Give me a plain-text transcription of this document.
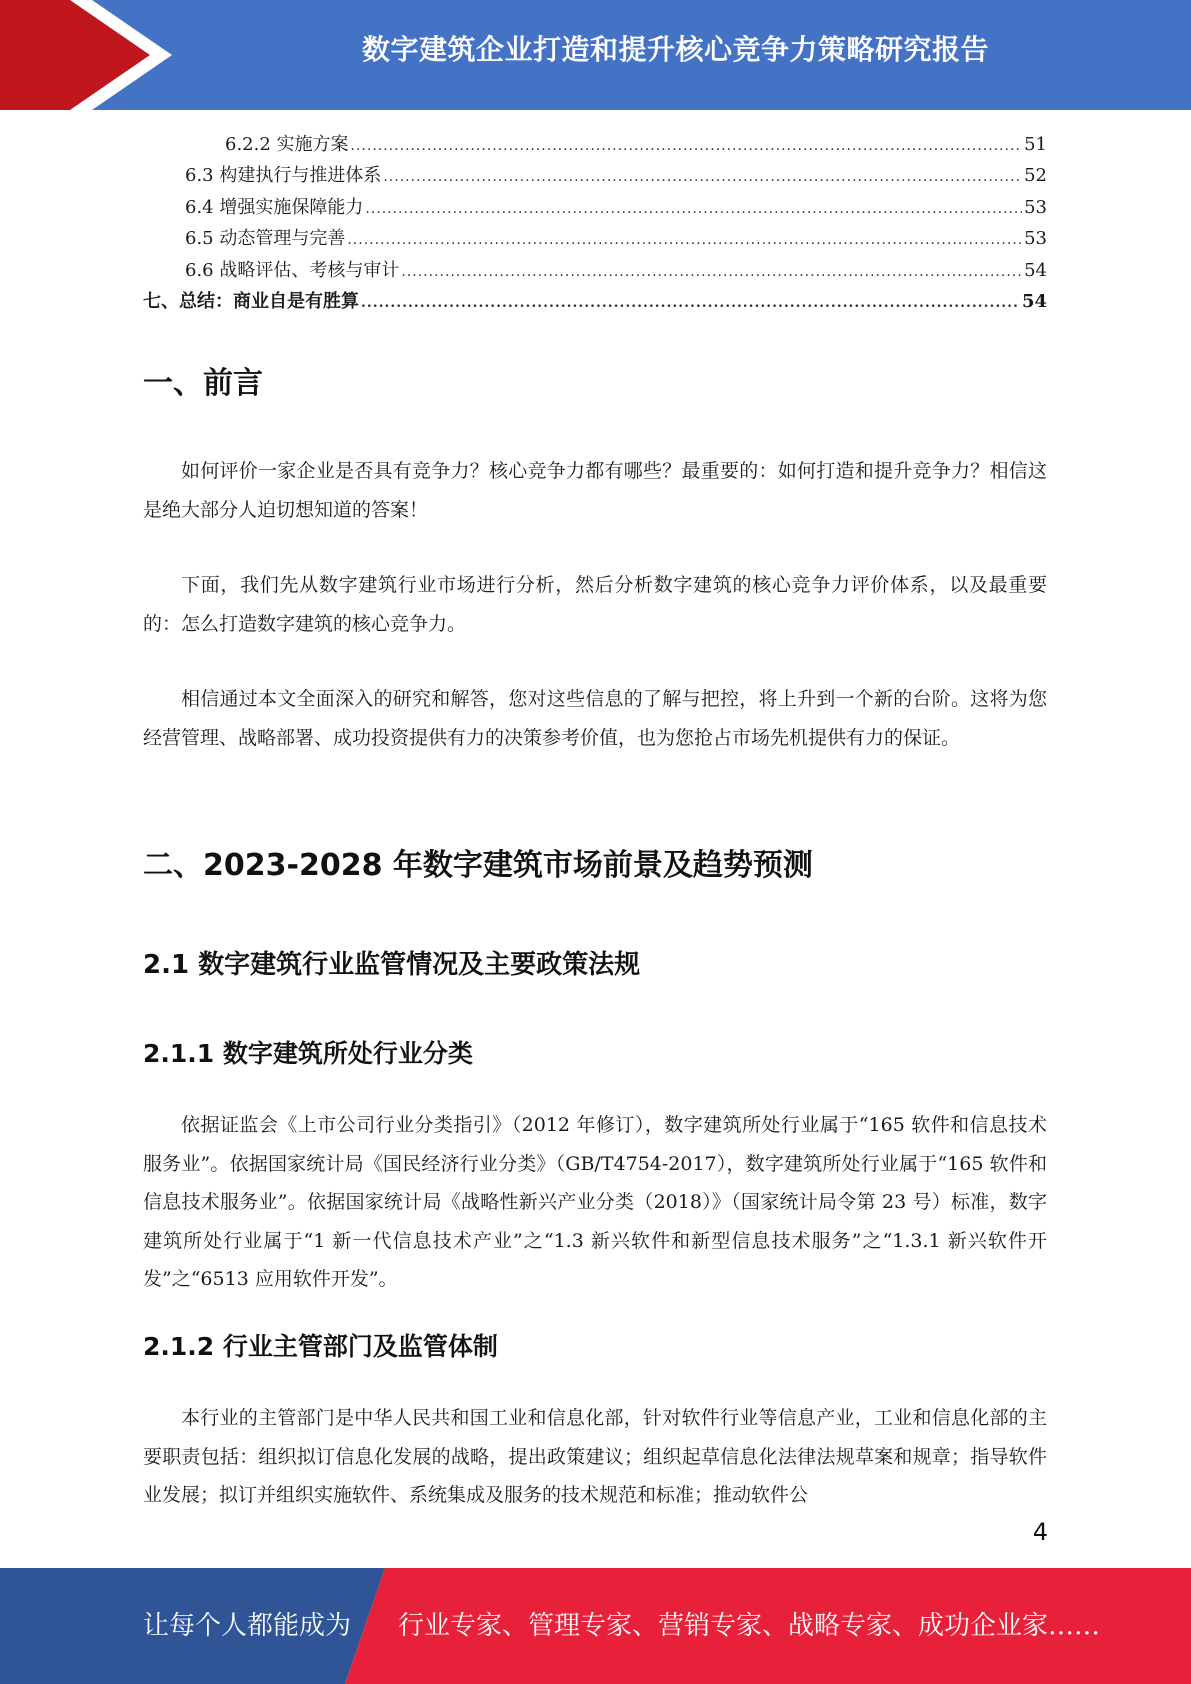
数字建筑企业打造和提升核心竞争力策略研究报告
6.2.2 实施方案 .....	51
6.3 构建执行与推进体系 .....	52
6.4 增强实施保障能力 .....	53
6.5 动态管理与完善 .....	53
6.6 战略评估、考核与审计 .....	54
七、总结：商业自是有胜算 .....	54
一、前言

如何评价一家企业是否具有竞争力？核心竞争力都有哪些？最重要的：如何打造和提升竞争力？相信这是绝大部分人迫切想知道的答案！

下面，我们先从数字建筑行业市场进行分析，然后分析数字建筑的核心竞争力评价体系，以及最重要的：怎么打造数字建筑的核心竞争力。

相信通过本文全面深入的研究和解答，您对这些信息的了解与把控，将上升到一个新的台阶。这将为您经营管理、战略部署、成功投资提供有力的决策参考价值，也为您抢占市场先机提供有力的保证。

二、2023-2028 年数字建筑市场前景及趋势预测
2.1 数字建筑行业监管情况及主要政策法规
2.1.1 数字建筑所处行业分类

依据证监会《上市公司行业分类指引》（2012 年修订），数字建筑所处行业属于“165 软件和信息技术服务业”。依据国家统计局《国民经济行业分类》（GB/T4754-2017），数字建筑所处行业属于“165 软件和信息技术服务业”。依据国家统计局《战略性新兴产业分类（2018）》（国家统计局令第 23 号）标准，数字建筑所处行业属于“1 新一代信息技术产业”之“1.3 新兴软件和新型信息技术服务”之“1.3.1 新兴软件开发”之“6513 应用软件开发”。

2.1.2 行业主管部门及监管体制

本行业的主管部门是中华人民共和国工业和信息化部，针对软件行业等信息产业，工业和信息化部的主要职责包括：组织拟订信息化发展的战略，提出政策建议；组织起草信息化法律法规草案和规章；指导软件业发展；拟订并组织实施软件、系统集成及服务的技术规范和标准；推动软件公

4
让每个人都能成为 行业专家、管理专家、营销专家、战略专家、成功企业家……
